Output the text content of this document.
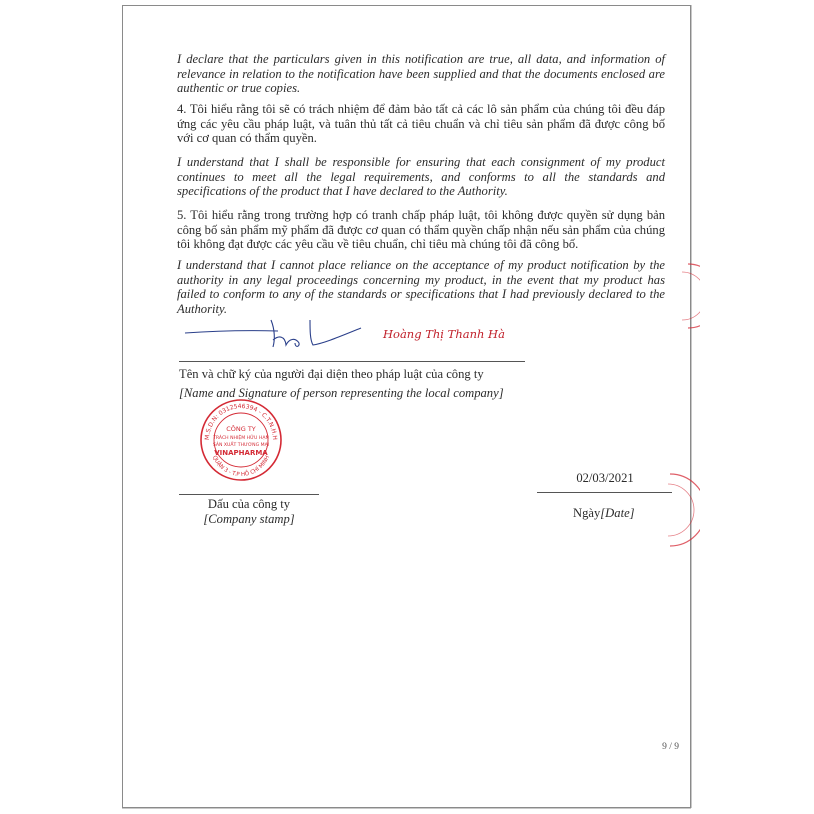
I declare that the particulars given in this notification are true, all data, and information of relevance in relation to the notification have been supplied and that the documents enclosed are authentic or true copies.
4. Tôi hiểu rằng tôi sẽ có trách nhiệm để đảm bảo tất cả các lô sản phẩm của chúng tôi đều đáp ứng các yêu cầu pháp luật, và tuân thủ tất cả tiêu chuẩn và chỉ tiêu sản phẩm đã được công bố với cơ quan có thẩm quyền.
I understand that I shall be responsible for ensuring that each consignment of my product continues to meet all the legal requirements, and conforms to all the standards and specifications of the product that I have declared to the Authority.
5. Tôi hiểu rằng trong trường hợp có tranh chấp pháp luật, tôi không được quyền sử dụng bản công bố sản phẩm mỹ phẩm đã được cơ quan có thẩm quyền chấp nhận nếu sản phẩm của chúng tôi không đạt được các yêu cầu về tiêu chuẩn, chỉ tiêu mà chúng tôi đã công bố.
I understand that I cannot place reliance on the acceptance of my product notification by the authority in any legal proceedings concerning my product, in the event that my product has failed to conform to any of the standards or specifications that I had previously declared to the Authority.
Hoàng Thị Thanh Hà
Tên và chữ ký của người đại diện theo pháp luật của công ty
[Name and Signature of person representing the local company]
M.S.D.N: 0312546394 - C.T.N.H.H
QUẬN 3 - T.P HỒ CHÍ MINH
CÔNG TY
TRÁCH NHIỆM HỮU HẠN
SẢN XUẤT THƯƠNG MẠI
VINAPHARMA
Dấu của công ty
[Company stamp]
02/03/2021
Ngày[Date]
9 / 9
